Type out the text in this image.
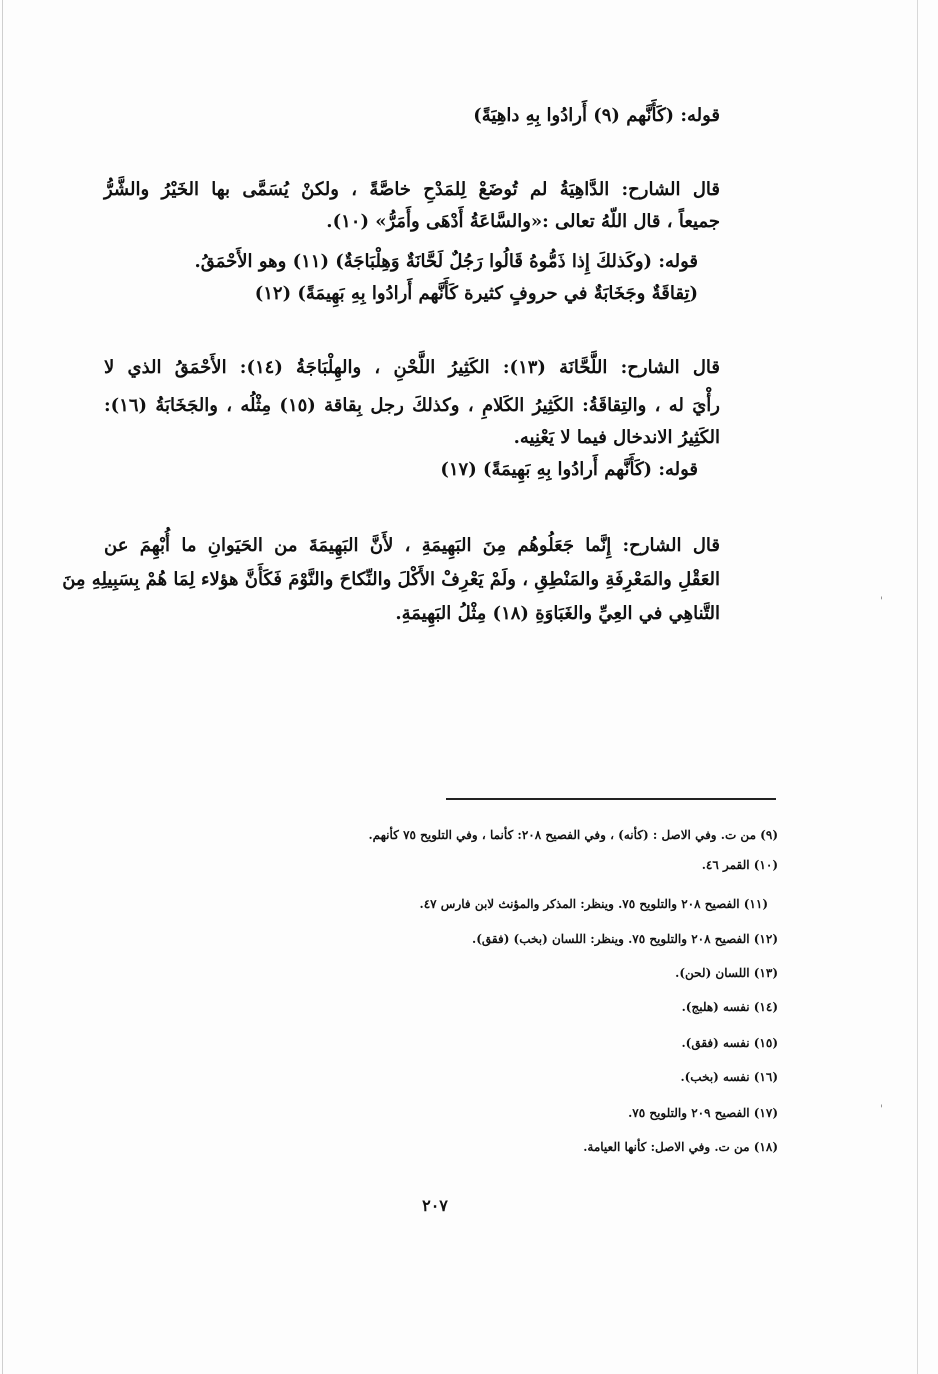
قوله: (كَأَنَّهم (٩) أَرادُوا بِهِ داهِيَةً)
قال الشارح: الدَّاهِيَةُ لم تُوضَعْ لِلمَدْحِ خاصَّةً ، ولكنْ يُسَمَّى بها الخَيْرُ والشَّرُّ
جميعاً ، قال اللّهُ تعالى :«والسَّاعَةُ أَدْهَى وأَمَرُّ» (١٠).
قوله: (وكَذلكَ إِذا ذَمُّوهُ قَالُوا رَجُلٌ لَحَّانَةٌ وَهِلْبَاجَةٌ) (١١) وهو الأَحْمَقُ.
(تِقاقَةٌ وجَخَابَةٌ في حروفٍ كثيرة كَأَنَّهم أَرادُوا بِهِ بَهِيمَةً) (١٢)
قال الشارح: اللَّحَّانَة (١٣): الكَثِيرُ اللَّحْنِ ، والهِلْبَاجَةُ (١٤): الأَحْمَقُ الذي لا
رأْيَ له ، والتِقاقَةُ: الكَثِيرُ الكَلامِ ، وكذلكَ رجل بِقاقة (١٥) مِثْلُه ، والجَخَابَةُ (١٦):
الكَثِيرُ الاندخال فيما لا يَعْنِيه.
قوله: (كَأَنَّهم أَرادُوا بِهِ بَهِيمَةً) (١٧)
قال الشارح: إِنَّما جَعَلُوهُم مِنَ البَهِيمَةِ ، لأَنَّ البَهِيمَةَ من الحَيَوانِ ما أُبْهِمَ عن
العَقْلِ والمَعْرِفَةِ والمَنْطِقِ ، ولَمْ يَعْرِفْ الأَكْلَ والنِّكاحَ والنَّوْمَ فَكَأَنَّ هؤلاء لِمَا هُمْ بِسَبِيلِهِ مِنَ
التَّناهِي في العِيِّ والغَبَاوَةِ (١٨) مِثْلُ البَهِيمَةِ.
(٩) من ت. وفي الاصل : (كأنه) ، وفي الفصيح ٢٠٨: كأنما ، وفي التلويح ٧٥ كأنهم.
(١٠) القمر ٤٦.
(١١) الفصيح ٢٠٨ والتلويح ٧٥. وينظر: المذكر والمؤنث لابن فارس ٤٧.
(١٢) الفصيح ٢٠٨ والتلويح ٧٥. وينظر: اللسان (بخب) (فقق).
(١٣) اللسان (لحن).
(١٤) نفسه (هلبج).
(١٥) نفسه (فقق).
(١٦) نفسه (بخب).
(١٧) الفصيح ٢٠٩ والتلويح ٧٥.
(١٨) من ت. وفي الاصل: كأنها العيامة.
٢٠٧
'
'
